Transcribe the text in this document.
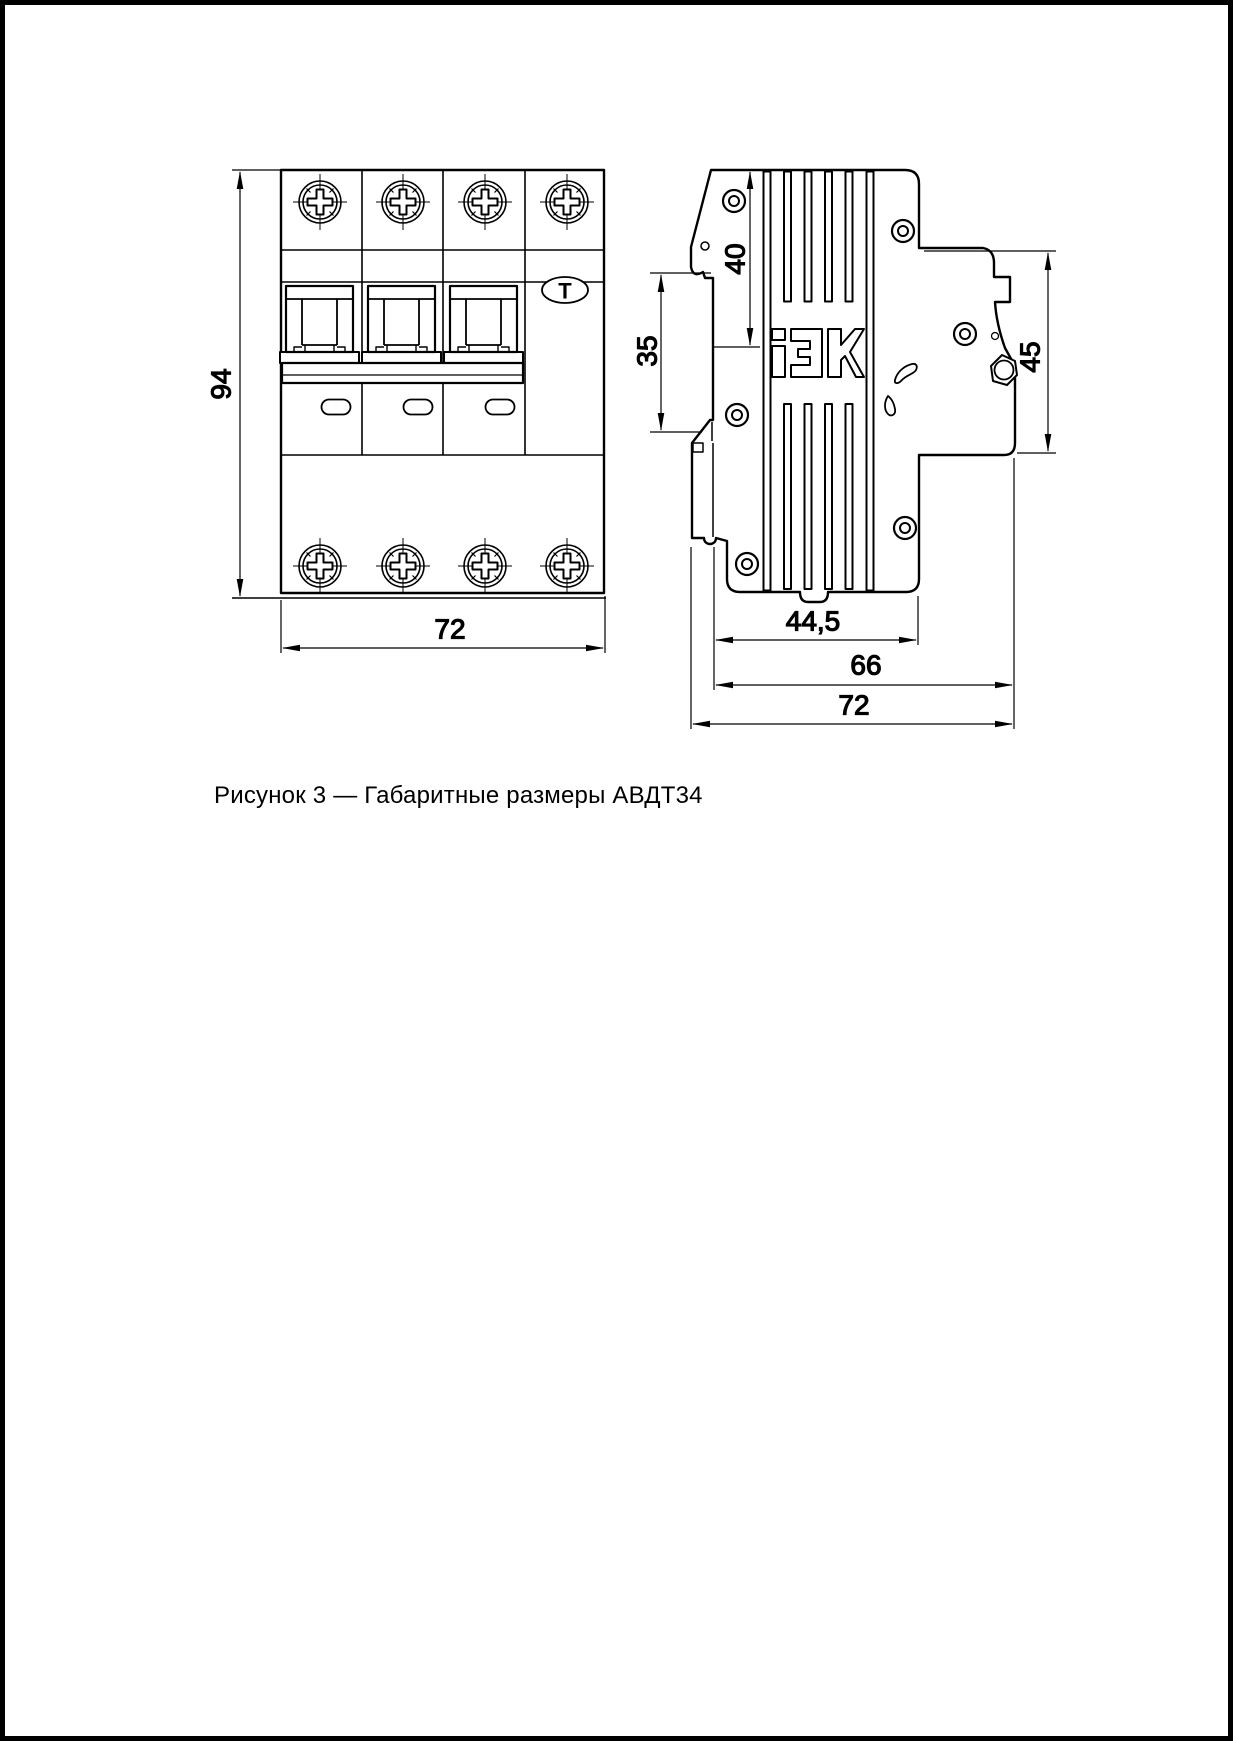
T
94
72
40
35	45
44,5
66
72
Рисунок 3 — Габаритные размеры АВДТ34
